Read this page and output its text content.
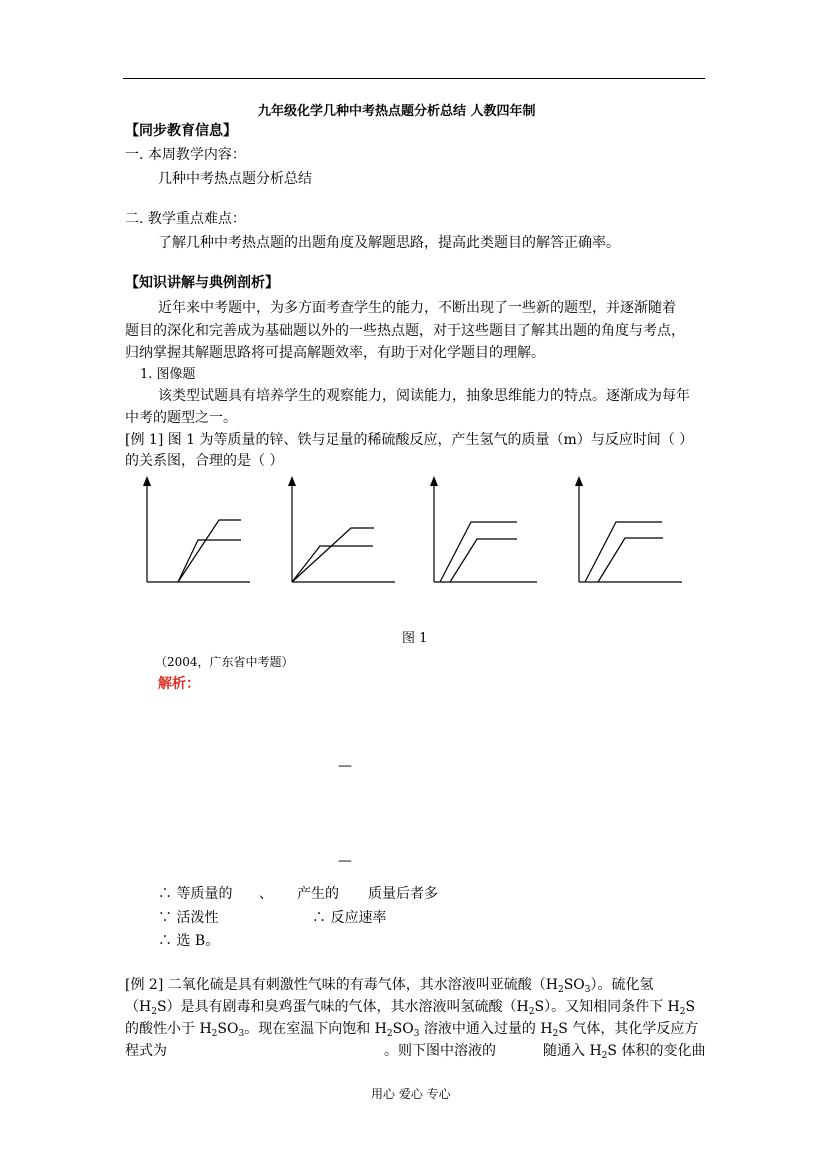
九年级化学几种中考热点题分析总结 人教四年制
【同步教育信息】
一. 本周教学内容：
几种中考热点题分析总结
二. 教学重点难点：
了解几种中考热点题的出题角度及解题思路，提高此类题目的解答正确率。
【知识讲解与典例剖析】
近年来中考题中，为多方面考查学生的能力，不断出现了一些新的题型，并逐渐随着
题目的深化和完善成为基础题以外的一些热点题，对于这些题目了解其出题的角度与考点，
归纳掌握其解题思路将可提高解题效率，有助于对化学题目的理解。
1. 图像题
该类型试题具有培养学生的观察能力，阅读能力，抽象思维能力的特点。逐渐成为每年
中考的题型之一。
[例 1] 图 1 为等质量的锌、铁与足量的稀硫酸反应，产生氢气的质量（m）与反应时间（ ）
的关系图，合理的是（ ）
图 1
（2004，广东省中考题）
解析：
—
—
∴ 等质量的 、 产生的 质量后者多
∵ 活泼性	∴ 反应速率
∴ 选 B。
[例 2] 二氧化硫是具有刺激性气味的有毒气体，其水溶液叫亚硫酸$(H_2SO_3)$。硫化氢
$(H_2S)$是具有剧毒和臭鸡蛋气味的气体，其水溶液叫氢硫酸$(H_2S)$。又知相同条件下 $H_2S$
的酸性小于 $H_2SO_3$。现在室温下向饱和 $H_2SO_3$ 溶液中通入过量的 $H_2S$ 气体，其化学反应方
程式为	。则下图中溶液的	随通入 $H_2S$ 体积的变化曲
用心 爱心 专心
